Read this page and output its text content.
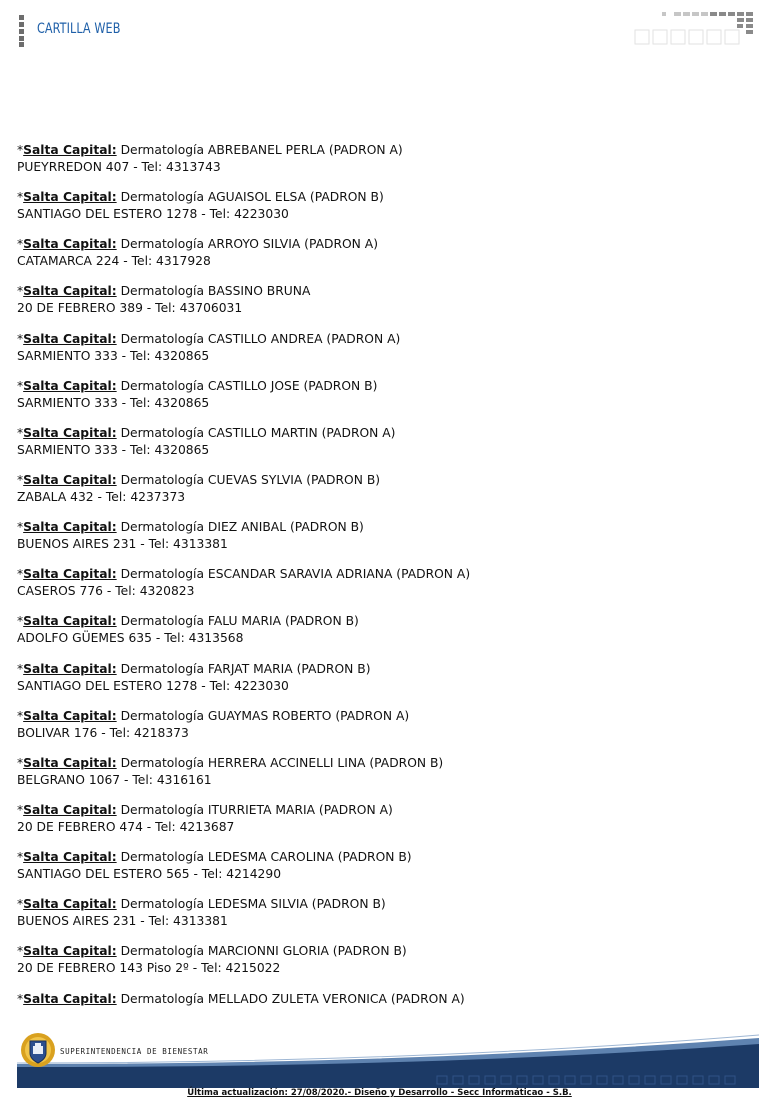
CARTILLA WEB
*Salta Capital: Dermatología ABREBANEL PERLA (PADRON A)
PUEYRREDON 407 - Tel: 4313743
*Salta Capital: Dermatología AGUAISOL ELSA (PADRON B)
SANTIAGO DEL ESTERO 1278 - Tel: 4223030
*Salta Capital: Dermatología ARROYO SILVIA (PADRON A)
CATAMARCA 224 - Tel: 4317928
*Salta Capital: Dermatología BASSINO BRUNA
20 DE FEBRERO 389 - Tel: 43706031
*Salta Capital: Dermatología CASTILLO ANDREA (PADRON A)
SARMIENTO 333 - Tel: 4320865
*Salta Capital: Dermatología CASTILLO JOSE (PADRON B)
SARMIENTO 333 - Tel: 4320865
*Salta Capital: Dermatología CASTILLO MARTIN (PADRON A)
SARMIENTO 333 - Tel: 4320865
*Salta Capital: Dermatología CUEVAS SYLVIA (PADRON B)
ZABALA 432 - Tel: 4237373
*Salta Capital: Dermatología DIEZ ANIBAL (PADRON B)
BUENOS AIRES 231 - Tel: 4313381
*Salta Capital: Dermatología ESCANDAR SARAVIA ADRIANA (PADRON A)
CASEROS 776 - Tel: 4320823
*Salta Capital: Dermatología FALU MARIA (PADRON B)
ADOLFO GÜEMES 635 - Tel: 4313568
*Salta Capital: Dermatología FARJAT MARIA (PADRON B)
SANTIAGO DEL ESTERO 1278 - Tel: 4223030
*Salta Capital: Dermatología GUAYMAS ROBERTO (PADRON A)
BOLIVAR 176 - Tel: 4218373
*Salta Capital: Dermatología HERRERA ACCINELLI LINA (PADRON B)
BELGRANO 1067 - Tel: 4316161
*Salta Capital: Dermatología ITURRIETA MARIA (PADRON A)
20 DE FEBRERO 474 - Tel: 4213687
*Salta Capital: Dermatología LEDESMA CAROLINA (PADRON B)
SANTIAGO DEL ESTERO 565 - Tel: 4214290
*Salta Capital: Dermatología LEDESMA SILVIA (PADRON B)
BUENOS AIRES 231 - Tel: 4313381
*Salta Capital: Dermatología MARCIONNI GLORIA (PADRON B)
20 DE FEBRERO 143 Piso 2º - Tel: 4215022
*Salta Capital: Dermatología MELLADO ZULETA VERONICA (PADRON A)
SUPERINTENDENCIA DE BIENESTAR
Última actualización: 27/08/2020.- Diseño y Desarrollo - Secc Informáticao - S.B.
